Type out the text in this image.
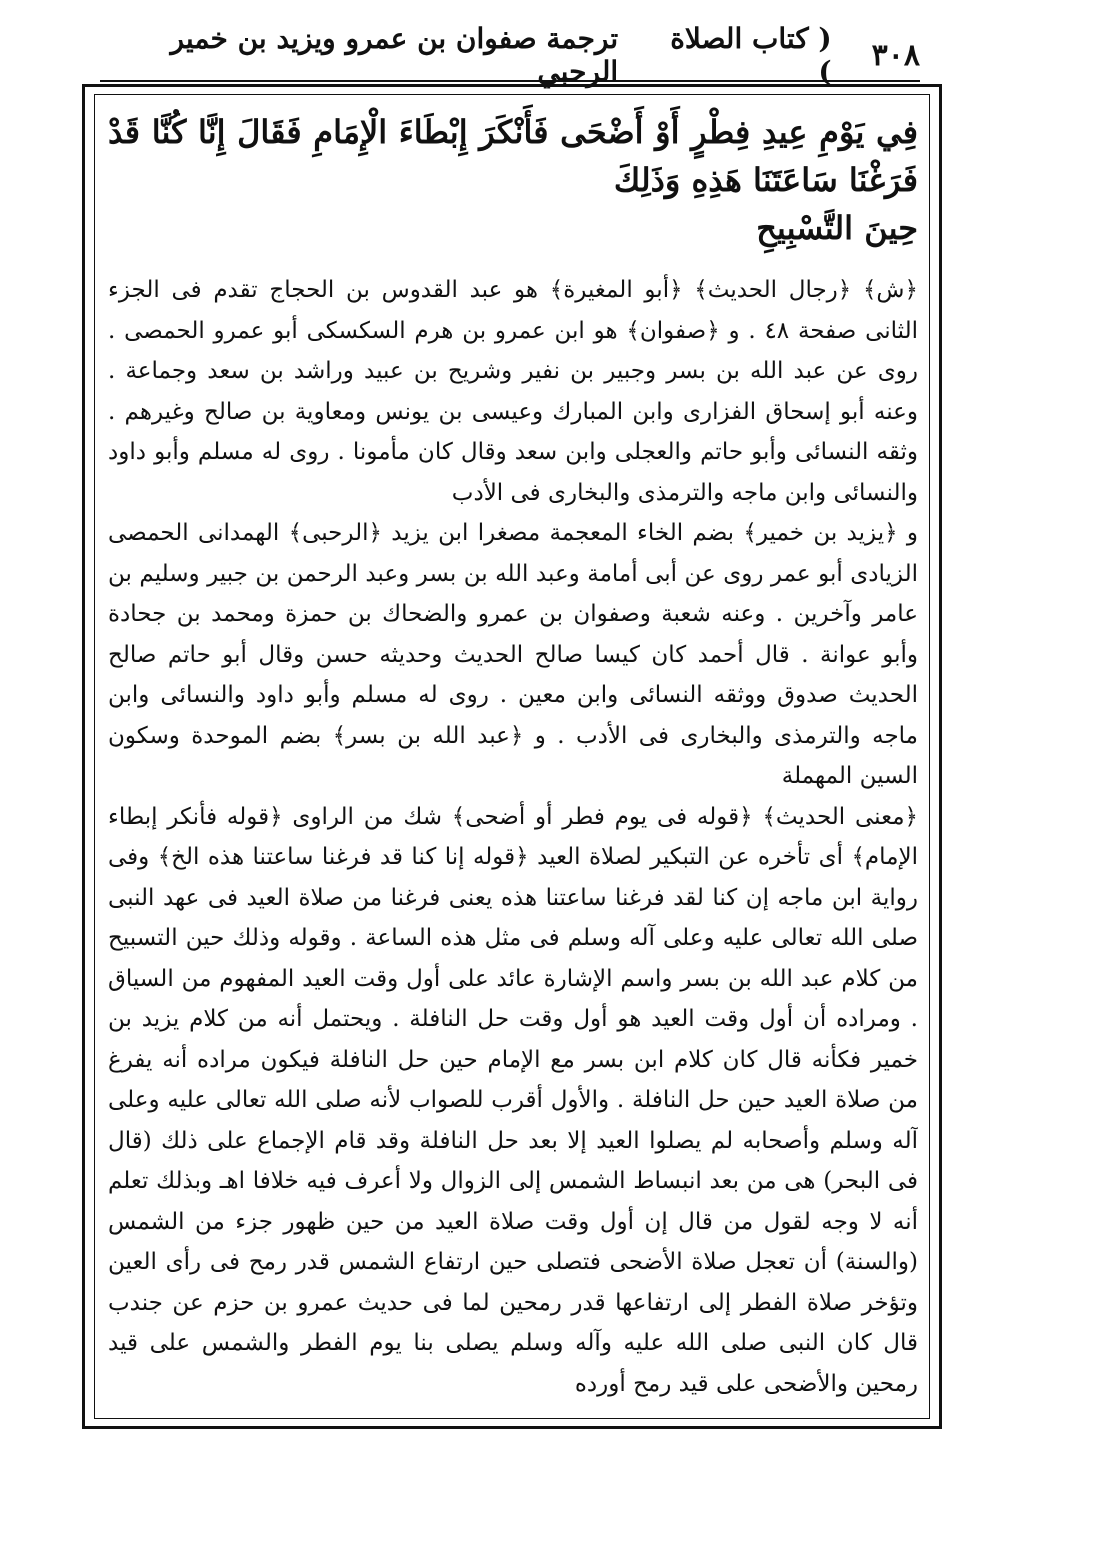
٣٠٨
( كتاب الصلاة )
ترجمة صفوان بن عمرو ويزيد بن خمير الرحبي
فِي يَوْمِ عِيدِ فِطْرٍ أَوْ أَضْحَى فَأَنْكَرَ إِبْطَاءَ الْإِمَامِ فَقَالَ إِنَّا كُنَّا قَدْ فَرَغْنَا سَاعَتَنَا هَذِهِ وَذَلِكَ
حِينَ التَّسْبِيحِ

﴿ش﴾ ﴿رجال الحديث﴾ ﴿أبو المغيرة﴾ هو عبد القدوس بن الحجاج تقدم فى الجزء الثانى صفحة ٤٨ . و ﴿صفوان﴾ هو ابن عمرو بن هرم السكسكى أبو عمرو الحمصى . روى عن عبد الله بن بسر وجبير بن نفير وشريح بن عبيد وراشد بن سعد وجماعة . وعنه أبو إسحاق الفزارى وابن المبارك وعيسى بن يونس ومعاوية بن صالح وغيرهم . وثقه النسائى وأبو حاتم والعجلى وابن سعد وقال كان مأمونا . روى له مسلم وأبو داود والنسائى وابن ماجه والترمذى والبخارى فى الأدب

و ﴿يزيد بن خمير﴾ بضم الخاء المعجمة مصغرا ابن يزيد ﴿الرحبى﴾ الهمدانى الحمصى الزيادى أبو عمر روى عن أبى أمامة وعبد الله بن بسر وعبد الرحمن بن جبير وسليم بن عامر وآخرين . وعنه شعبة وصفوان بن عمرو والضحاك بن حمزة ومحمد بن جحادة وأبو عوانة . قال أحمد كان كيسا صالح الحديث وحديثه حسن وقال أبو حاتم صالح الحديث صدوق ووثقه النسائى وابن معين . روى له مسلم وأبو داود والنسائى وابن ماجه والترمذى والبخارى فى الأدب . و ﴿عبد الله بن بسر﴾ بضم الموحدة وسكون السين المهملة

﴿معنى الحديث﴾ ﴿قوله فى يوم فطر أو أضحى﴾ شك من الراوى ﴿قوله فأنكر إبطاء الإمام﴾ أى تأخره عن التبكير لصلاة العيد ﴿قوله إنا كنا قد فرغنا ساعتنا هذه الخ﴾ وفى رواية ابن ماجه إن كنا لقد فرغنا ساعتنا هذه يعنى فرغنا من صلاة العيد فى عهد النبى صلى الله تعالى عليه وعلى آله وسلم فى مثل هذه الساعة . وقوله وذلك حين التسبيح من كلام عبد الله بن بسر واسم الإشارة عائد على أول وقت العيد المفهوم من السياق . ومراده أن أول وقت العيد هو أول وقت حل النافلة . ويحتمل أنه من كلام يزيد بن خمير فكأنه قال كان كلام ابن بسر مع الإمام حين حل النافلة فيكون مراده أنه يفرغ من صلاة العيد حين حل النافلة . والأول أقرب للصواب لأنه صلى الله تعالى عليه وعلى آله وسلم وأصحابه لم يصلوا العيد إلا بعد حل النافلة وقد قام الإجماع على ذلك (قال فى البحر) هى من بعد انبساط الشمس إلى الزوال ولا أعرف فيه خلافا اهـ وبذلك تعلم أنه لا وجه لقول من قال إن أول وقت صلاة العيد من حين ظهور جزء من الشمس (والسنة) أن تعجل صلاة الأضحى فتصلى حين ارتفاع الشمس قدر رمح فى رأى العين وتؤخر صلاة الفطر إلى ارتفاعها قدر رمحين لما فى حديث عمرو بن حزم عن جندب قال كان النبى صلى الله عليه وآله وسلم يصلى بنا يوم الفطر والشمس على قيد رمحين والأضحى على قيد رمح أورده
